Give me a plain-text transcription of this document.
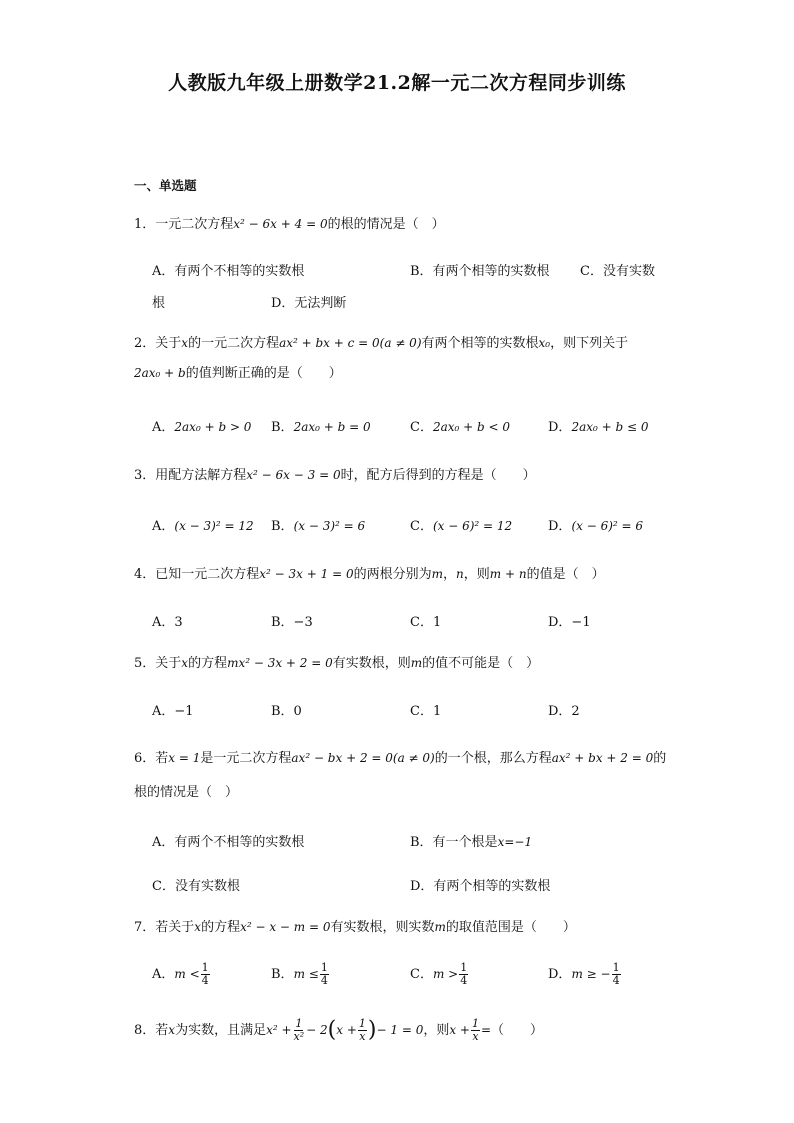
人教版九年级上册数学21.2解一元二次方程同步训练
一、单选题
1．一元二次方程x² − 6x + 4 = 0的根的情况是（　）
A．有两个不相等的实数根	B．有两个相等的实数根 C．没有实数
根	D．无法判断
2．关于x的一元二次方程ax² + bx + c = 0(a ≠ 0)有两个相等的实数根x₀，则下列关于
2ax₀ + b的值判断正确的是（　　）
A．2ax₀ + b > 0 B．2ax₀ + b = 0	C．2ax₀ + b < 0	D．2ax₀ + b ≤ 0
3．用配方法解方程x² − 6x − 3 = 0时，配方后得到的方程是（　　）
A．(x − 3)² = 12 B．(x − 3)² = 6	C．(x − 6)² = 12	D．(x − 6)² = 6
4．已知一元二次方程x² − 3x + 1 = 0的两根分别为m，n，则m + n的值是（　）
A．3	B．−3	C．1	D．−1
5．关于x的方程mx² − 3x + 2 = 0有实数根，则m的值不可能是（　）
A．−1	B．0	C．1	D．2
6．若x = 1是一元二次方程ax² − bx + 2 = 0(a ≠ 0)的一个根，那么方程ax² + bx + 2 = 0的
根的情况是（　）
A．有两个不相等的实数根	B．有一个根是x=−1
C．没有实数根	D．有两个相等的实数根
7．若关于x的方程x² − x − m = 0有实数根，则实数m的取值范围是（　　）
A．$m < \frac{1}{4}$	B．$m \le \frac{1}{4}$	C．$m > \frac{1}{4}$	D．m ≥ − $\frac{1}{4}$
8．若x为实数，且满足$x^2 + \frac{1}{\text{x²}} - 2(x + \frac{1}{x}$ )− 1 = 0，则$x + \frac{1}{x}$ =（　　）
